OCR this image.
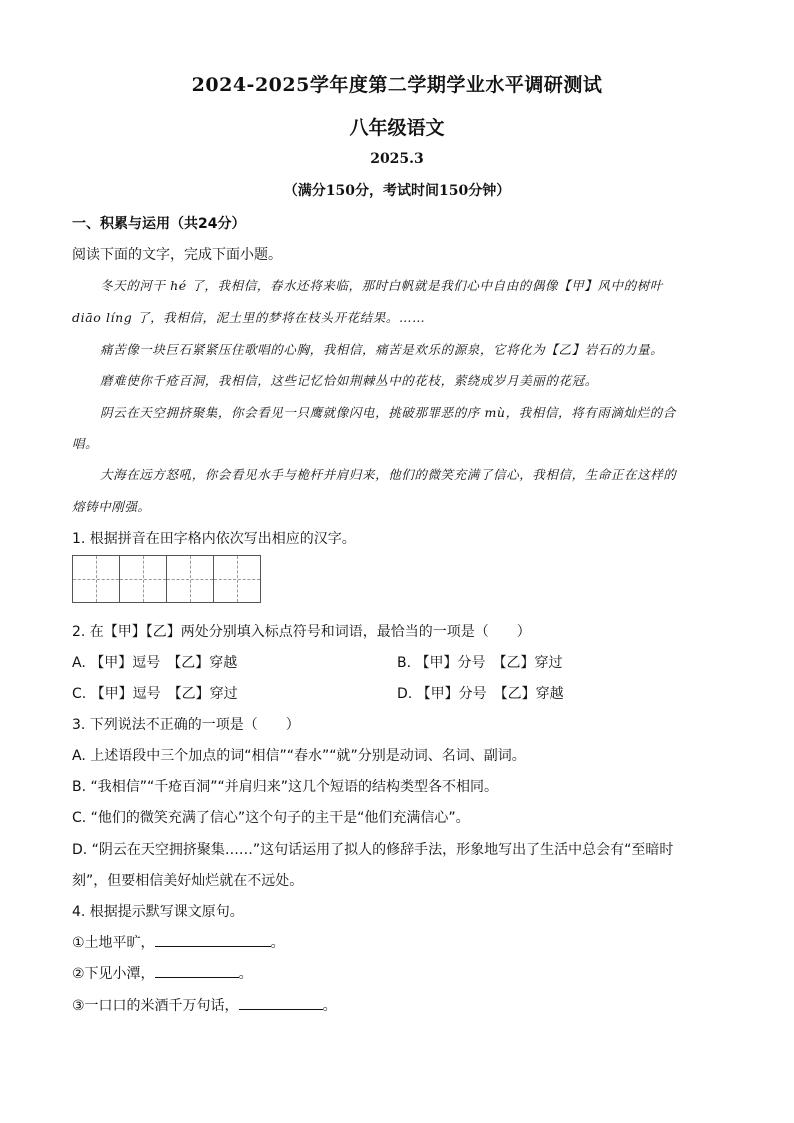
2024-2025学年度第二学期学业水平调研测试
八年级语文
2025.3
（满分150分，考试时间150分钟）
一、积累与运用（共24分）
阅读下面的文字，完成下面小题。
冬天的河干 hé 了，我相信，春水还将来临，那时白帆就是我们心中自由的偶像【甲】风中的树叶
diāo líng 了，我相信，泥土里的梦将在枝头开花结果。……
痛苦像一块巨石紧紧压住歌唱的心胸，我相信，痛苦是欢乐的源泉，它将化为【乙】岩石的力量。
磨难使你千疮百洞，我相信，这些记忆恰如荆棘丛中的花枝，萦绕成岁月美丽的花冠。
阴云在天空拥挤聚集，你会看见一只鹰就像闪电，挑破那罪恶的序 mù，我相信，将有雨滴灿烂的合
唱。
大海在远方怒吼，你会看见水手与桅杆并肩归来，他们的微笑充满了信心，我相信，生命正在这样的
熔铸中刚强。
1. 根据拼音在田字格内依次写出相应的汉字。
2. 在【甲】【乙】两处分别填入标点符号和词语，最恰当的一项是（　　）
A. 【甲】逗号　【乙】穿越	B. 【甲】分号　【乙】穿过
C. 【甲】逗号　【乙】穿过	D. 【甲】分号　【乙】穿越
3. 下列说法不正确的一项是（　　）
A. 上述语段中三个加点的词“相信”“春水”“就”分别是动词、名词、副词。
B. “我相信”“千疮百洞”“并肩归来”这几个短语的结构类型各不相同。
C. “他们的微笑充满了信心”这个句子的主干是“他们充满信心”。
D. “阴云在天空拥挤聚集……”这句话运用了拟人的修辞手法，形象地写出了生活中总会有“至暗时
刻”，但要相信美好灿烂就在不远处。
4. 根据提示默写课文原句。
①土地平旷，	。
②下见小潭，	。
③一口口的米酒千万句话，	。
